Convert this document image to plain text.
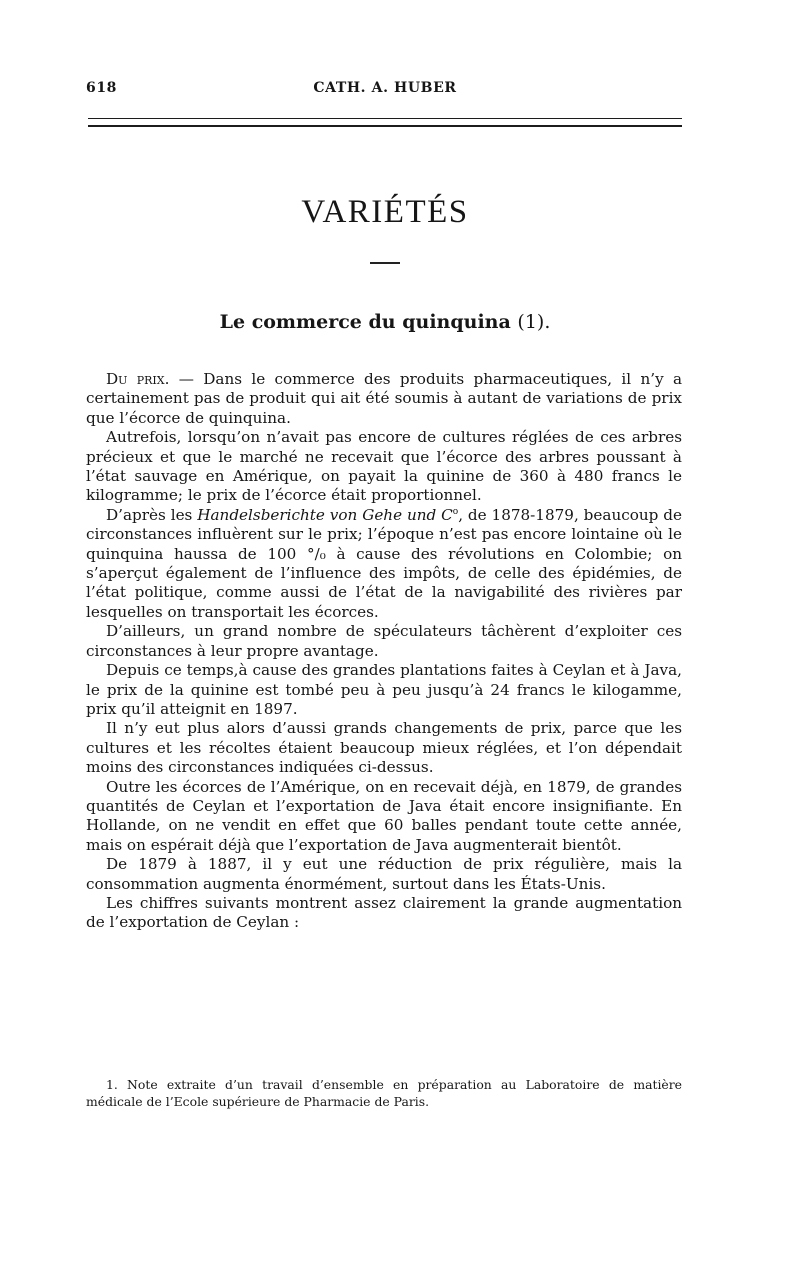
618	CATH. A. HUBER
VARIÉTÉS
Le commerce du quinquina (1).

Du prix. — Dans le commerce des produits pharmaceutiques, il n’y a certainement pas de produit qui ait été soumis à autant de variations de prix que l’écorce de quinquina.

Autrefois, lorsqu’on n’avait pas encore de cultures réglées de ces arbres précieux et que le marché ne recevait que l’écorce des arbres poussant à l’état sauvage en Amérique, on payait la quinine de 360 à 480 francs le kilogramme; le prix de l’écorce était proportionnel.

D’après les Handelsberichte von Gehe und $C^o$, de 1878-1879, beaucoup de circonstances influèrent sur le prix; l’époque n’est pas encore lointaine où le quinquina haussa de 100 °/₀ à cause des révolutions en Colombie; on s’aperçut également de l’influence des impôts, de celle des épidémies, de l’état politique, comme aussi de l’état de la navigabilité des rivières par lesquelles on transportait les écorces.

D’ailleurs, un grand nombre de spéculateurs tâchèrent d’exploiter ces circonstances à leur propre avantage.

Depuis ce temps,à cause des grandes plantations faites à Ceylan et à Java, le prix de la quinine est tombé peu à peu jusqu’à 24 francs le kilogamme, prix qu’il atteignit en 1897.

Il n’y eut plus alors d’aussi grands changements de prix, parce que les cultures et les récoltes étaient beaucoup mieux réglées, et l’on dépendait moins des circonstances indiquées ci-dessus.

Outre les écorces de l’Amérique, on en recevait déjà, en 1879, de grandes quantités de Ceylan et l’exportation de Java était encore insignifiante. En Hollande, on ne vendit en effet que 60 balles pendant toute cette année, mais on espérait déjà que l’exportation de Java augmenterait bientôt.

De 1879 à 1887, il y eut une réduction de prix régulière, mais la consommation augmenta énormément, surtout dans les États-Unis.

Les chiffres suivants montrent assez clairement la grande augmentation de l’exportation de Ceylan :

1. Note extraite d’un travail d’ensemble en préparation au Laboratoire de matière médicale de l’Ecole supérieure de Pharmacie de Paris.
